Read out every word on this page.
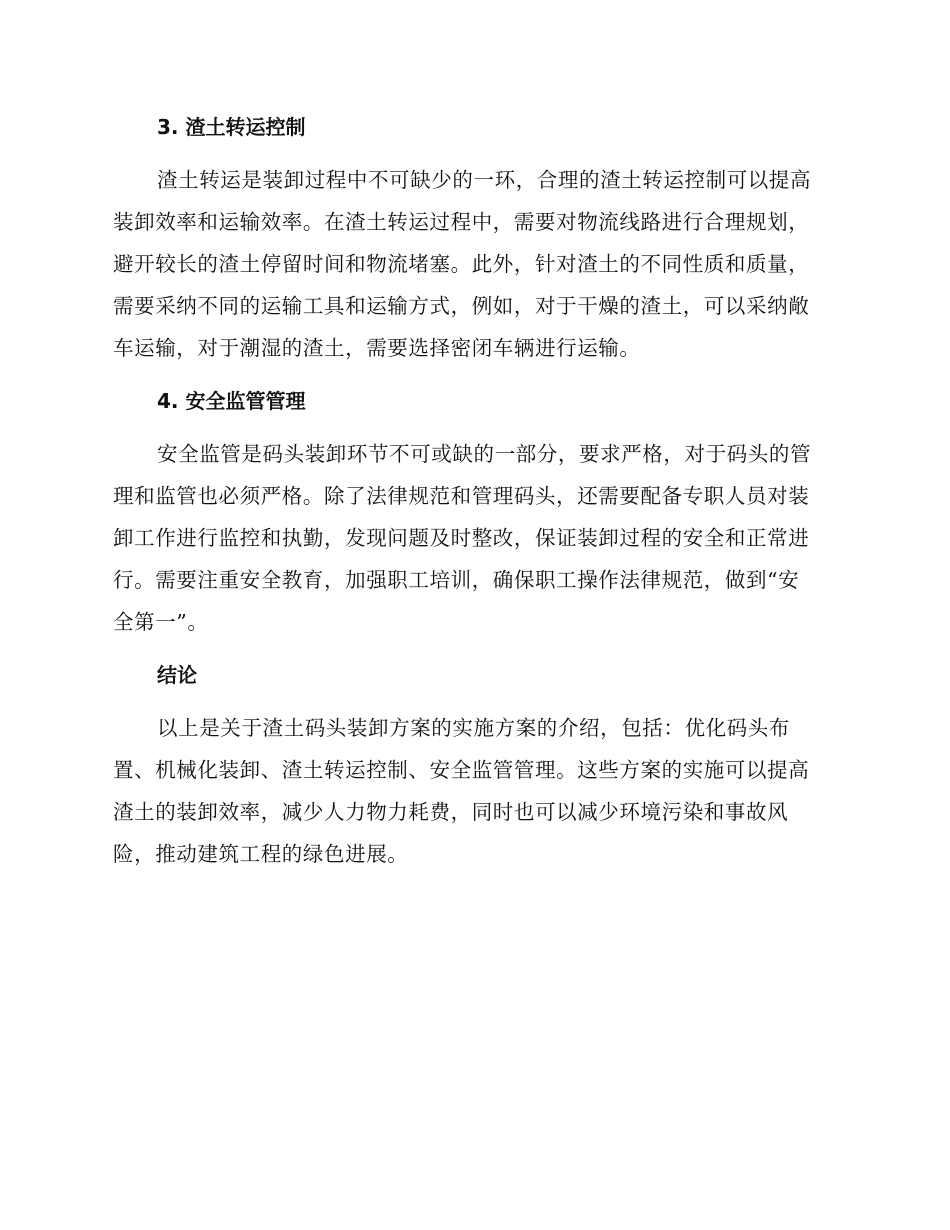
3. 渣土转运控制
渣土转运是装卸过程中不可缺少的一环，合理的渣土转运控制可以提高
装卸效率和运输效率。在渣土转运过程中，需要对物流线路进行合理规划，
避开较长的渣土停留时间和物流堵塞。此外，针对渣土的不同性质和质量，
需要采纳不同的运输工具和运输方式，例如，对于干燥的渣土，可以采纳敞
车运输，对于潮湿的渣土，需要选择密闭车辆进行运输。
4. 安全监管管理
安全监管是码头装卸环节不可或缺的一部分，要求严格，对于码头的管
理和监管也必须严格。除了法律规范和管理码头，还需要配备专职人员对装
卸工作进行监控和执勤，发现问题及时整改，保证装卸过程的安全和正常进
行。需要注重安全教育，加强职工培训，确保职工操作法律规范，做到“安
全第一”。
结论
以上是关于渣土码头装卸方案的实施方案的介绍，包括：优化码头布
置、机械化装卸、渣土转运控制、安全监管管理。这些方案的实施可以提高
渣土的装卸效率，减少人力物力耗费，同时也可以减少环境污染和事故风
险，推动建筑工程的绿色进展。
